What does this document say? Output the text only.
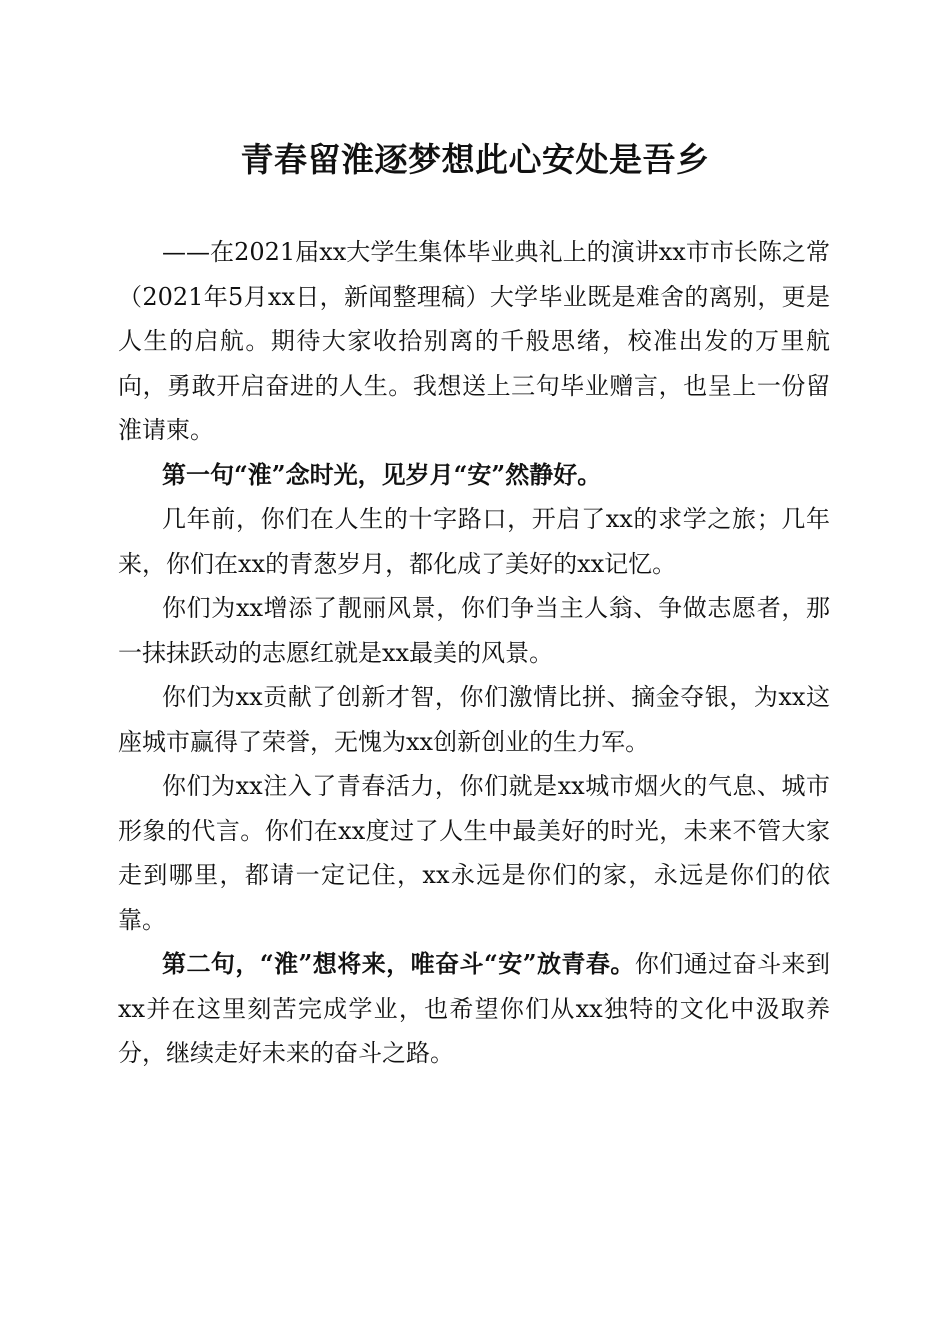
青春留淮逐梦想此心安处是吾乡

——在2021届xx大学生集体毕业典礼上的演讲xx市市长陈之常（2021年5月xx日，新闻整理稿）大学毕业既是难舍的离别，更是人生的启航。期待大家收拾别离的千般思绪，校准出发的万里航向，勇敢开启奋进的人生。我想送上三句毕业赠言，也呈上一份留淮请柬。

第一句“淮”念时光，见岁月“安”然静好。

几年前，你们在人生的十字路口，开启了xx的求学之旅；几年来，你们在xx的青葱岁月，都化成了美好的xx记忆。

你们为xx增添了靓丽风景，你们争当主人翁、争做志愿者，那一抹抹跃动的志愿红就是xx最美的风景。

你们为xx贡献了创新才智，你们激情比拼、摘金夺银，为xx这座城市赢得了荣誉，无愧为xx创新创业的生力军。

你们为xx注入了青春活力，你们就是xx城市烟火的气息、城市形象的代言。你们在xx度过了人生中最美好的时光，未来不管大家走到哪里，都请一定记住，xx永远是你们的家，永远是你们的依靠。

第二句，“淮”想将来，唯奋斗“安”放青春。你们通过奋斗来到xx并在这里刻苦完成学业，也希望你们从xx独特的文化中汲取养分，继续走好未来的奋斗之路。
